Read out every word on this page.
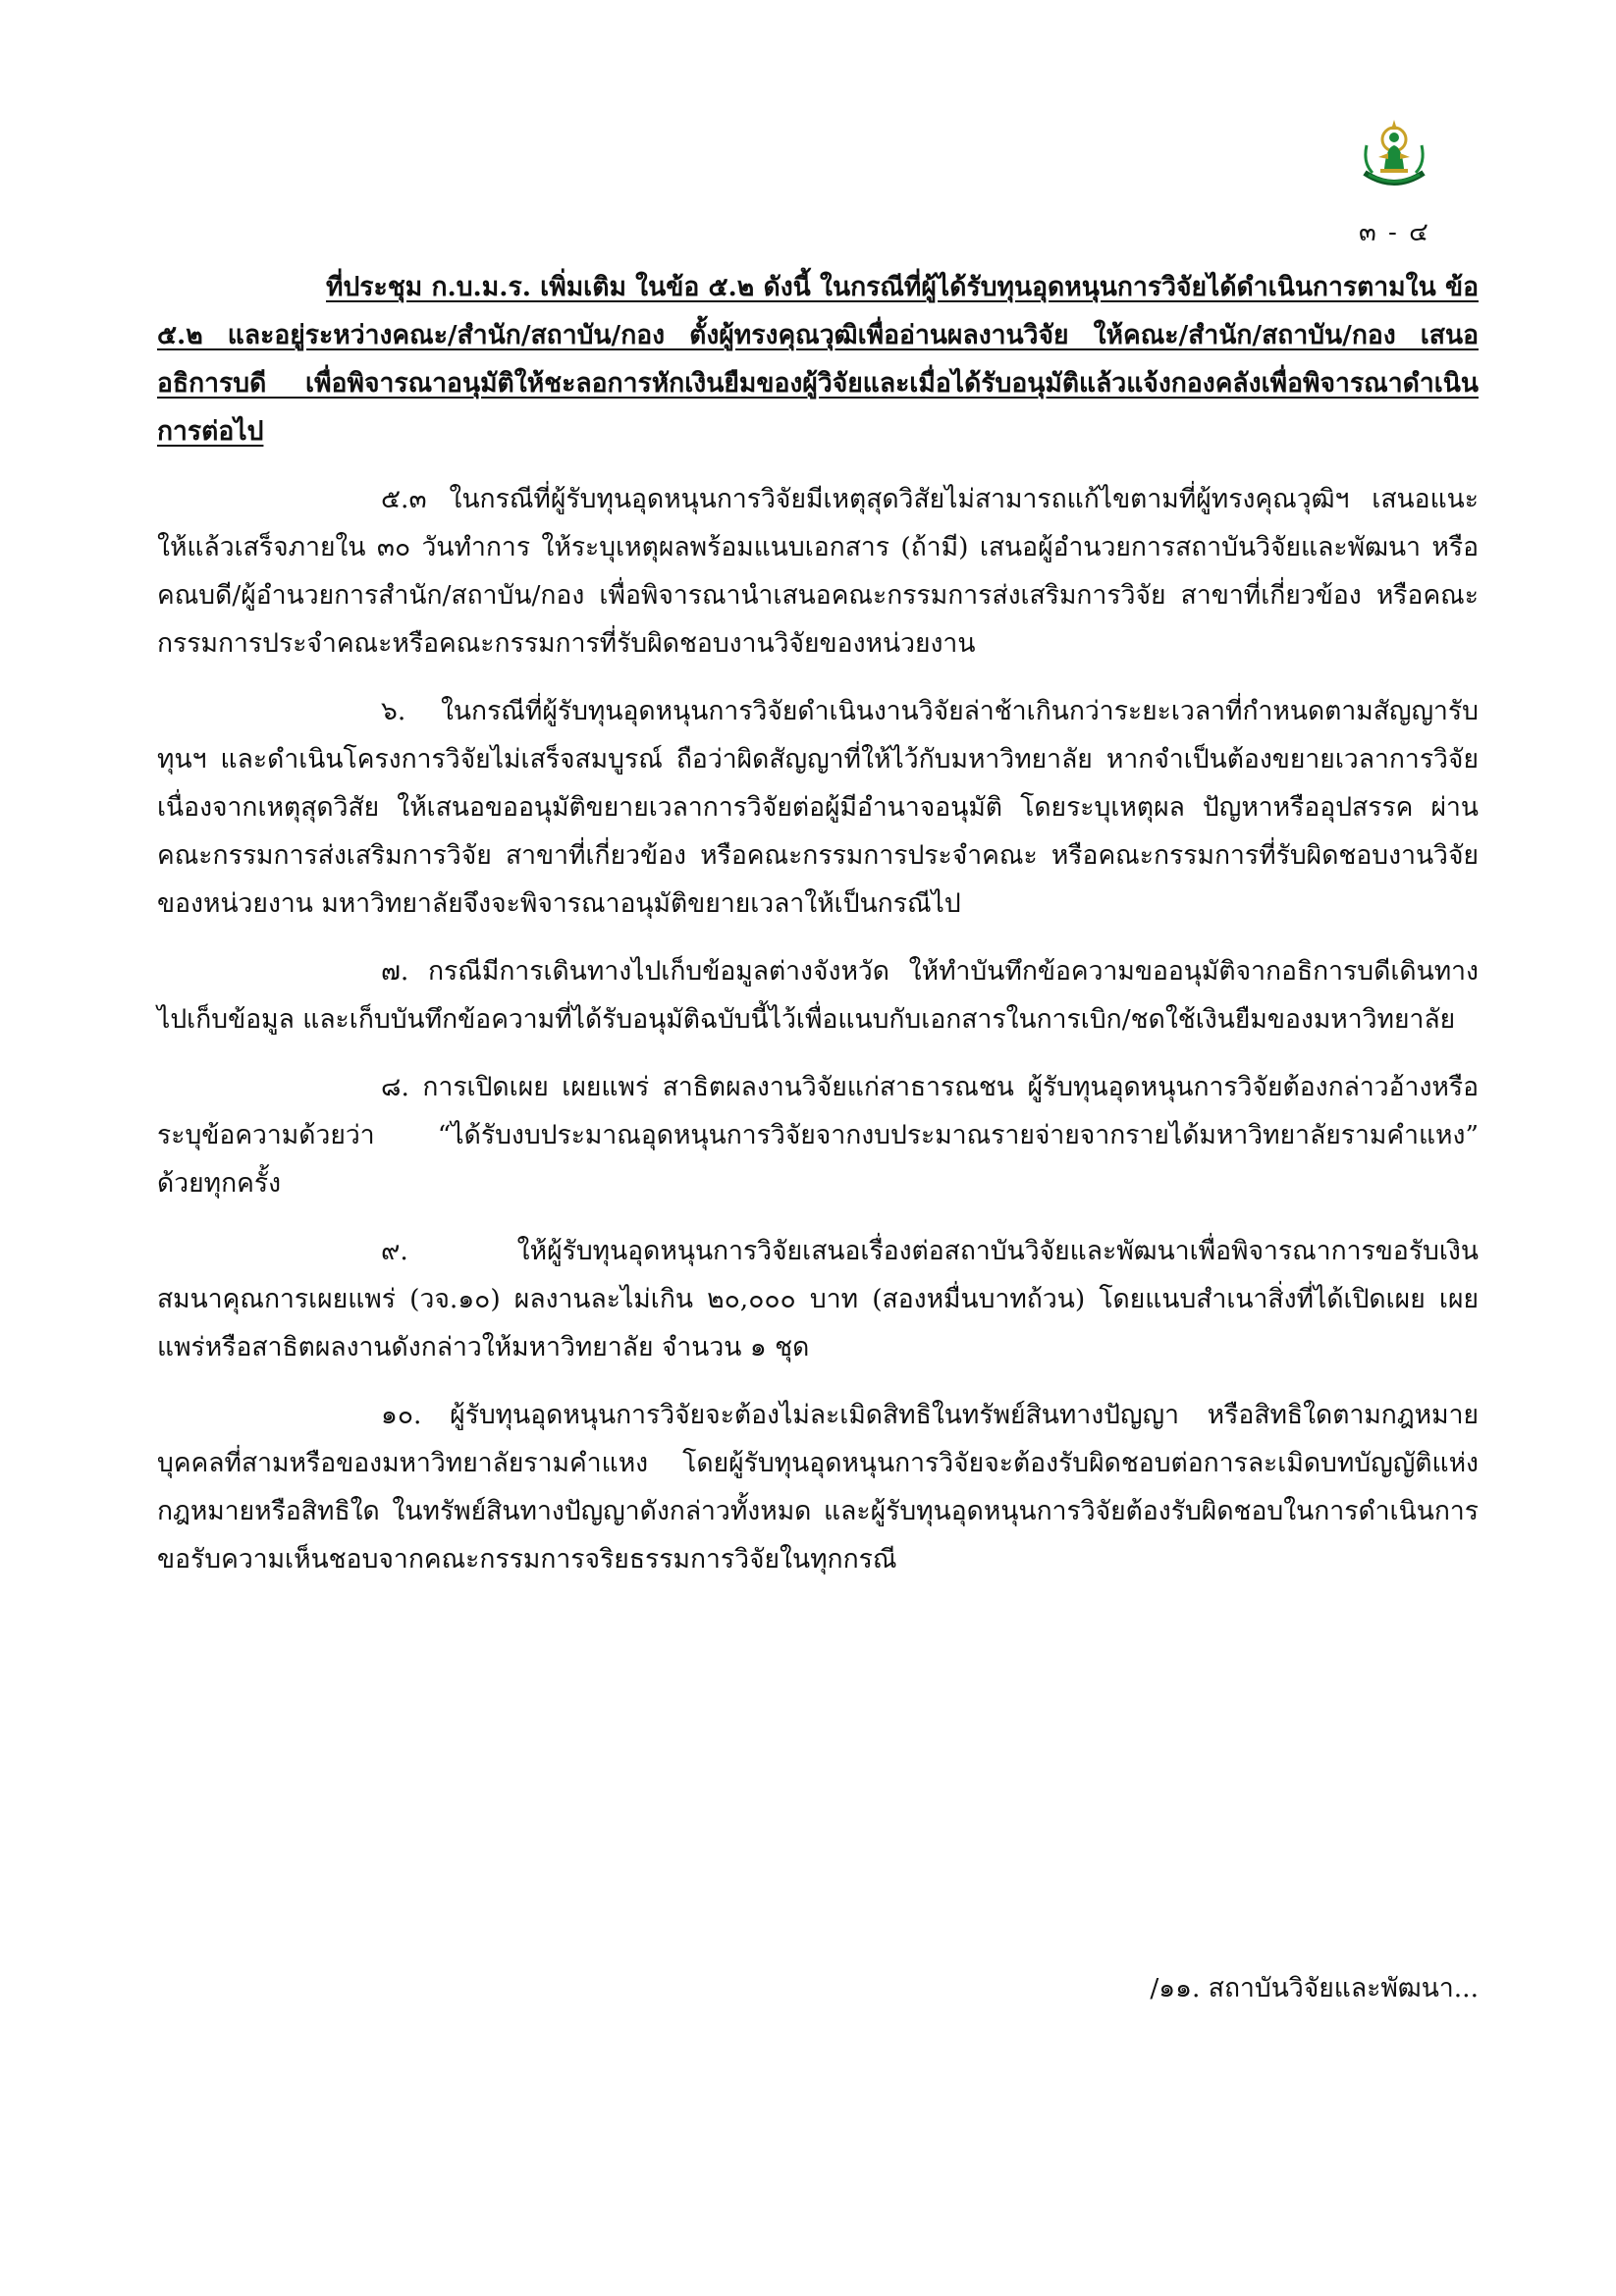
๓ - ๔

ที่ประชุม ก.บ.ม.ร. เพิ่มเติม ในข้อ ๕.๒ ดังนี้ ในกรณีที่ผู้ได้รับทุนอุดหนุนการวิจัยได้ดำเนินการตามใน ข้อ ๕.๒ และอยู่ระหว่างคณะ/สำนัก/สถาบัน/กอง ตั้งผู้ทรงคุณวุฒิเพื่ออ่านผลงานวิจัย ให้คณะ/สำนัก/สถาบัน/กอง เสนออธิการบดี เพื่อพิจารณาอนุมัติให้ชะลอการหักเงินยืมของผู้วิจัยและเมื่อได้รับอนุมัติแล้วแจ้งกองคลังเพื่อพิจารณาดำเนินการต่อไป

๕.๓ ในกรณีที่ผู้รับทุนอุดหนุนการวิจัยมีเหตุสุดวิสัยไม่สามารถแก้ไขตามที่ผู้ทรงคุณวุฒิฯ เสนอแนะให้แล้วเสร็จภายใน ๓๐ วันทำการ ให้ระบุเหตุผลพร้อมแนบเอกสาร (ถ้ามี) เสนอผู้อำนวยการสถาบันวิจัยและพัฒนา หรือคณบดี/ผู้อำนวยการสำนัก/สถาบัน/กอง เพื่อพิจารณานำเสนอคณะกรรมการส่งเสริมการวิจัย สาขาที่เกี่ยวข้อง หรือคณะกรรมการประจำคณะหรือคณะกรรมการที่รับผิดชอบงานวิจัยของหน่วยงาน

๖. ในกรณีที่ผู้รับทุนอุดหนุนการวิจัยดำเนินงานวิจัยล่าช้าเกินกว่าระยะเวลาที่กำหนดตามสัญญารับทุนฯ และดำเนินโครงการวิจัยไม่เสร็จสมบูรณ์ ถือว่าผิดสัญญาที่ให้ไว้กับมหาวิทยาลัย หากจำเป็นต้องขยายเวลาการวิจัยเนื่องจากเหตุสุดวิสัย ให้เสนอขออนุมัติขยายเวลาการวิจัยต่อผู้มีอำนาจอนุมัติ โดยระบุเหตุผล ปัญหาหรืออุปสรรค ผ่านคณะกรรมการส่งเสริมการวิจัย สาขาที่เกี่ยวข้อง หรือคณะกรรมการประจำคณะ หรือคณะกรรมการที่รับผิดชอบงานวิจัยของหน่วยงาน มหาวิทยาลัยจึงจะพิจารณาอนุมัติขยายเวลาให้เป็นกรณีไป

๗. กรณีมีการเดินทางไปเก็บข้อมูลต่างจังหวัด ให้ทำบันทึกข้อความขออนุมัติจากอธิการบดีเดินทางไปเก็บข้อมูล และเก็บบันทึกข้อความที่ได้รับอนุมัติฉบับนี้ไว้เพื่อแนบกับเอกสารในการเบิก/ชดใช้เงินยืมของมหาวิทยาลัย

๘. การเปิดเผย เผยแพร่ สาธิตผลงานวิจัยแก่สาธารณชน ผู้รับทุนอุดหนุนการวิจัยต้องกล่าวอ้างหรือระบุข้อความด้วยว่า “ได้รับงบประมาณอุดหนุนการวิจัยจากงบประมาณรายจ่ายจากรายได้มหาวิทยาลัยรามคำแหง” ด้วยทุกครั้ง

๙. ให้ผู้รับทุนอุดหนุนการวิจัยเสนอเรื่องต่อสถาบันวิจัยและพัฒนาเพื่อพิจารณาการขอรับเงินสมนาคุณการเผยแพร่ (วจ.๑๐) ผลงานละไม่เกิน ๒๐,๐๐๐ บาท (สองหมื่นบาทถ้วน) โดยแนบสำเนาสิ่งที่ได้เปิดเผย เผยแพร่หรือสาธิตผลงานดังกล่าวให้มหาวิทยาลัย จำนวน ๑ ชุด

๑๐. ผู้รับทุนอุดหนุนการวิจัยจะต้องไม่ละเมิดสิทธิในทรัพย์สินทางปัญญา หรือสิทธิใดตามกฎหมายบุคคลที่สามหรือของมหาวิทยาลัยรามคำแหง โดยผู้รับทุนอุดหนุนการวิจัยจะต้องรับผิดชอบต่อการละเมิดบทบัญญัติแห่งกฎหมายหรือสิทธิใด ในทรัพย์สินทางปัญญาดังกล่าวทั้งหมด และผู้รับทุนอุดหนุนการวิจัยต้องรับผิดชอบในการดำเนินการขอรับความเห็นชอบจากคณะกรรมการจริยธรรมการวิจัยในทุกกรณี

/๑๑. สถาบันวิจัยและพัฒนา...
